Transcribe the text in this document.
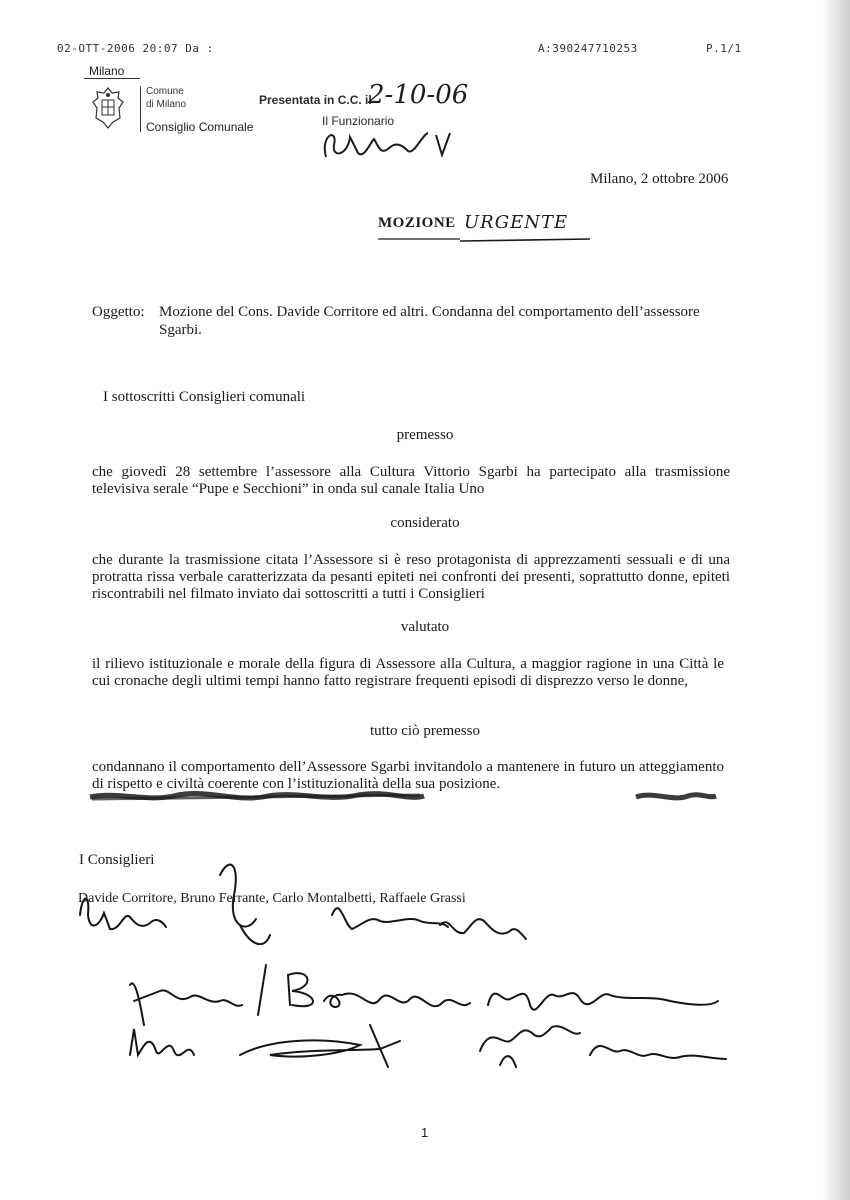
02-OTT-2006 20:07 Da :	A:390247710253	P.1/1
Milano
Comune
di Milano
Consiglio Comunale
Presentata in C.C. il
2-10-06
Il Funzionario
Milano, 2 ottobre 2006
MOZIONE URGENTE
Oggetto: Mozione del Cons. Davide Corritore ed altri. Condanna del comportamento dell’assessore
Sgarbi.
I sottoscritti Consiglieri comunali
premesso
che giovedì 28 settembre l’assessore alla Cultura Vittorio Sgarbi ha partecipato alla trasmissione televisiva serale “Pupe e Secchioni” in onda sul canale Italia Uno
considerato
che durante la trasmissione citata l’Assessore si è reso protagonista di apprezzamenti sessuali e di una protratta rissa verbale caratterizzata da pesanti epiteti nei confronti dei presenti, soprattutto donne, epiteti riscontrabili nel filmato inviato dai sottoscritti a tutti i Consiglieri
valutato
il rilievo istituzionale e morale della figura di Assessore alla Cultura, a maggior ragione in una Città le cui cronache degli ultimi tempi hanno fatto registrare frequenti episodi di disprezzo verso le donne,
tutto ciò premesso
condannano il comportamento dell’Assessore Sgarbi invitandolo a mantenere in futuro un atteggiamento di rispetto e civiltà coerente con l’istituzionalità della sua posizione.
I Consiglieri
Davide Corritore, Bruno Ferrante, Carlo Montalbetti, Raffaele Grassi
1
